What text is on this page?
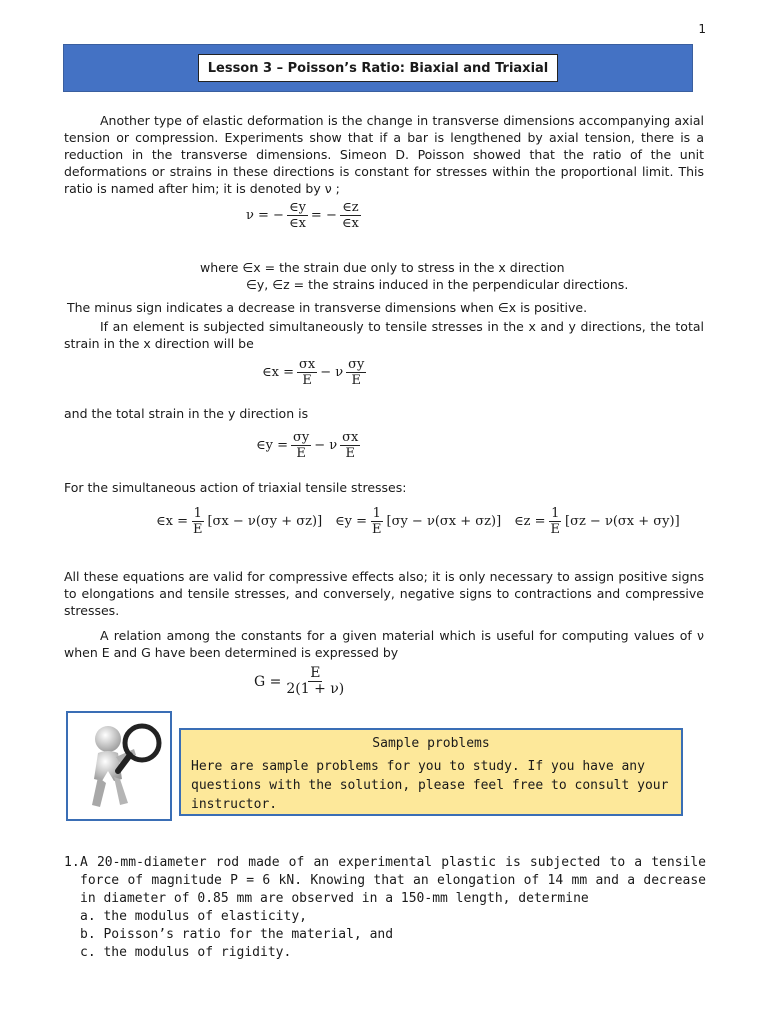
1
Lesson 3 – Poisson’s Ratio: Biaxial and Triaxial

Another type of elastic deformation is the change in transverse dimensions accompanying axial tension or compression. Experiments show that if a bar is lengthened by axial tension, there is a reduction in the transverse dimensions. Simeon D. Poisson showed that the ratio of the unit deformations or strains in these directions is constant for stresses within the proportional limit. This ratio is named after him; it is denoted by ν ;

ν = − $\frac{\in y}{\in x}$ = − $\frac{\in z}{\in x}$
where ∈x = the strain due only to stress in the x direction
∈y, ∈z = the strains induced in the perpendicular directions.
The minus sign indicates a decrease in transverse dimensions when ∈x is positive.

If an element is subjected simultaneously to tensile stresses in the x and y directions, the total strain in the x direction will be

∈x = $\frac{\sigma x}{E} - \nu \frac{\sigma y}{E}$
and the total strain in the y direction is
∈y = $\frac{\sigma y}{E} - \nu \frac{\sigma x}{E}$
For the simultaneous action of triaxial tensile stresses:
∈x = $\frac{1}{E} [\sigma x - \nu(\sigma y + \sigma z)]$ ∈y = $\frac{1}{E} [\sigma y - \nu(\sigma x + \sigma z)]$ ∈z = $\frac{1}{E} [\sigma z - \nu(\sigma x + \sigma y)]$

All these equations are valid for compressive effects also; it is only necessary to assign positive signs to elongations and tensile stresses, and conversely, negative signs to contractions and compressive stresses.

A relation among the constants for a given material which is useful for computing values of ν when E and G have been determined is expressed by

$G = \frac{E}{2(1 + \nu)}$
Sample problems
Here are sample problems for you to study. If you have any questions with the solution, please feel free to consult your instructor.
1. A 20-mm-diameter rod made of an experimental plastic is subjected to a tensile force of magnitude P = 6 kN. Knowing that an elongation of 14 mm and a decrease in diameter of 0.85 mm are observed in a 150-mm length, determine
a. the modulus of elasticity,
b. Poisson’s ratio for the material, and
c. the modulus of rigidity.
